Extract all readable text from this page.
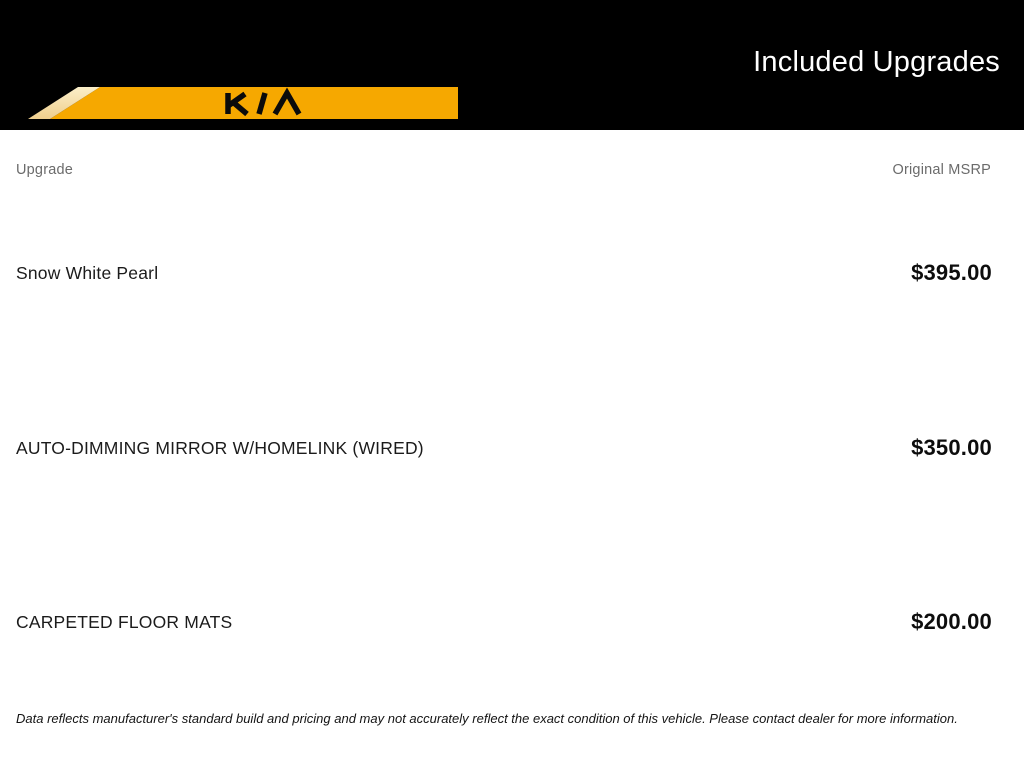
Included Upgrades
Upgrade	Original MSRP
Snow White Pearl	$395.00
AUTO-DIMMING MIRROR W/HOMELINK (WIRED)	$350.00
CARPETED FLOOR MATS	$200.00
Data reflects manufacturer's standard build and pricing and may not accurately reflect the exact condition of this vehicle. Please contact dealer for more information.
